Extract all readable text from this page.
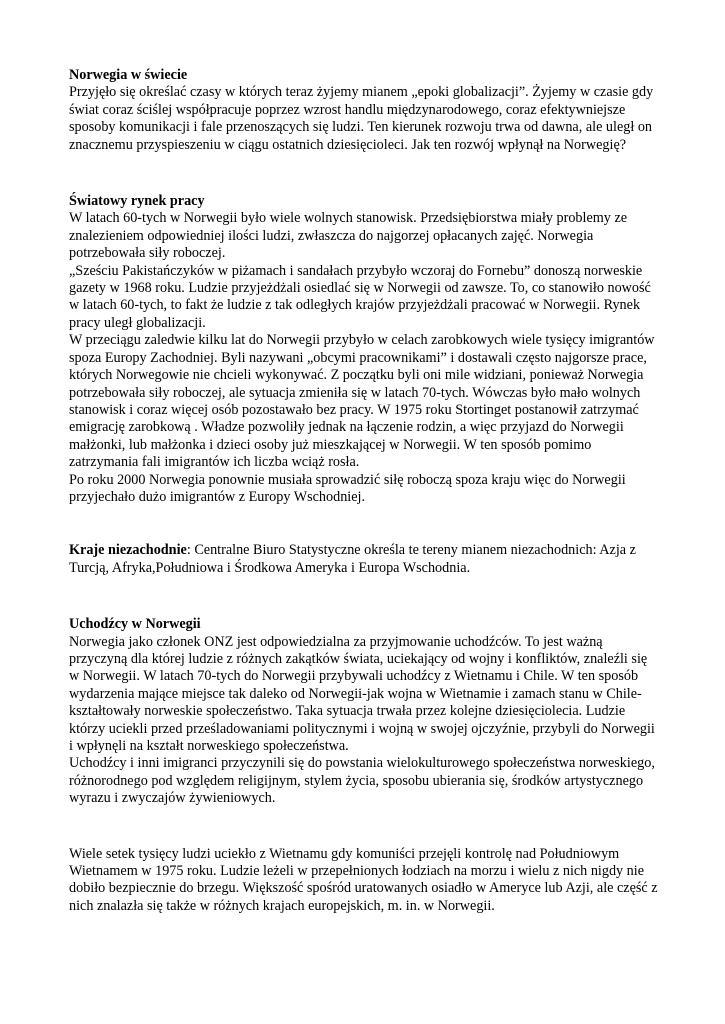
Norwegia w świecie
Przyjęło się określać czasy w których teraz żyjemy mianem „epoki globalizacji”. Żyjemy w czasie gdy świat coraz ściślej współpracuje poprzez wzrost handlu międzynarodowego, coraz efektywniejsze sposoby komunikacji i fale przenoszących się ludzi. Ten kierunek rozwoju trwa od dawna, ale uległ on znacznemu przyspieszeniu w ciągu ostatnich dziesięcioleci. Jak ten rozwój wpłynął na Norwegię?
Światowy rynek pracy
W latach 60-tych w Norwegii było wiele wolnych stanowisk. Przedsiębiorstwa miały problemy ze znalezieniem odpowiedniej ilości ludzi, zwłaszcza do najgorzej opłacanych zajęć. Norwegia potrzebowała siły roboczej.
„Sześciu Pakistańczyków w piżamach i sandałach przybyło wczoraj do Fornebu” donoszą norweskie gazety w 1968 roku. Ludzie przyjeżdżali osiedlać się w Norwegii od zawsze. To, co stanowiło nowość w latach 60-tych, to fakt że ludzie z tak odległych krajów przyjeżdżali pracować w Norwegii. Rynek pracy uległ globalizacji.
W przeciągu zaledwie kilku lat do Norwegii przybyło w celach zarobkowych wiele tysięcy imigrantów spoza Europy Zachodniej. Byli nazywani „obcymi pracownikami” i dostawali często najgorsze prace, których Norwegowie nie chcieli wykonywać. Z początku byli oni mile widziani, ponieważ Norwegia potrzebowała siły roboczej, ale sytuacja zmieniła się w latach 70-tych. Wówczas było mało wolnych stanowisk i coraz więcej osób pozostawało bez pracy. W 1975 roku Stortinget postanowił zatrzymać emigrację zarobkową . Władze pozwoliły jednak na łączenie rodzin, a więc przyjazd do Norwegii małżonki, lub małżonka i dzieci osoby już mieszkającej w Norwegii. W ten sposób pomimo zatrzymania fali imigrantów ich liczba wciąż rosła.
Po roku 2000 Norwegia ponownie musiała sprowadzić siłę roboczą spoza kraju więc do Norwegii przyjechało dużo imigrantów z Europy Wschodniej.
Kraje niezachodnie: Centralne Biuro Statystyczne określa te tereny mianem niezachodnich: Azja z Turcją, Afryka,Południowa i Środkowa Ameryka i Europa Wschodnia.
Uchodźcy w Norwegii
Norwegia jako członek ONZ jest odpowiedzialna za przyjmowanie uchodźców. To jest ważną przyczyną dla której ludzie z różnych zakątków świata, uciekający od wojny i konfliktów, znaleźli się w Norwegii. W latach 70-tych do Norwegii przybywali uchodźcy z Wietnamu i Chile. W ten sposób wydarzenia mające miejsce tak daleko od Norwegii-jak wojna w Wietnamie i zamach stanu w Chile-kształtowały norweskie społeczeństwo. Taka sytuacja trwała przez kolejne dziesięciolecia. Ludzie którzy uciekli przed prześladowaniami politycznymi i wojną w swojej ojczyźnie, przybyli do Norwegii i wpłynęli na kształt norweskiego społeczeństwa.
Uchodźcy i inni imigranci przyczynili się do powstania wielokulturowego społeczeństwa norweskiego, różnorodnego pod względem religijnym, stylem życia, sposobu ubierania się, środków artystycznego wyrazu i zwyczajów żywieniowych.
Wiele setek tysięcy ludzi uciekło z Wietnamu gdy komuniści przejęli kontrolę nad Południowym Wietnamem w 1975 roku. Ludzie leżeli w przepełnionych łodziach na morzu i wielu z nich nigdy nie dobiło bezpiecznie do brzegu. Większość spośród uratowanych osiadło w Ameryce lub Azji, ale część z nich znalazła się także w różnych krajach europejskich, m. in. w Norwegii.
